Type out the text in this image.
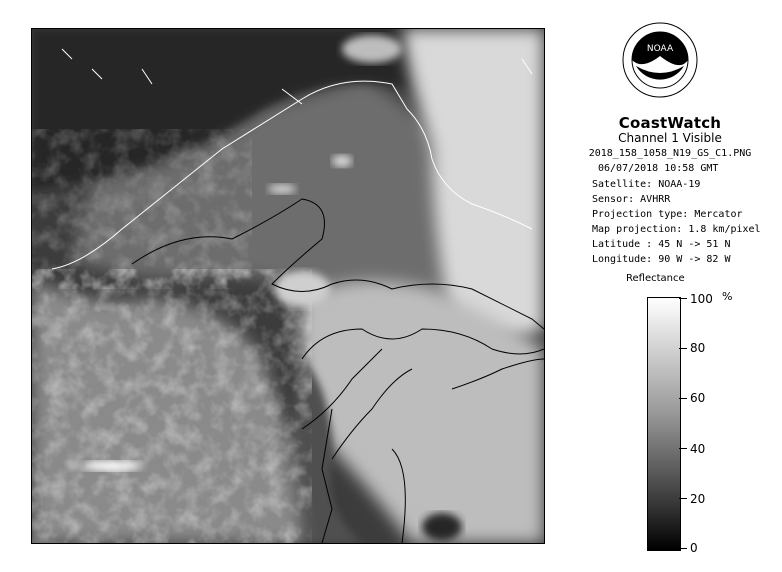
NOAA
CoastWatch
Channel 1 Visible
2018_158_1058_N19_GS_C1.PNG
06/07/2018 10:58 GMT
Satellite: NOAA-19
Sensor: AVHRR
Projection type: Mercator
Map projection: 1.8 km/pixel
Latitude : 45 N -> 51 N
Longitude: 90 W -> 82 W
Reflectance
%
100
80
60
40
20
0
